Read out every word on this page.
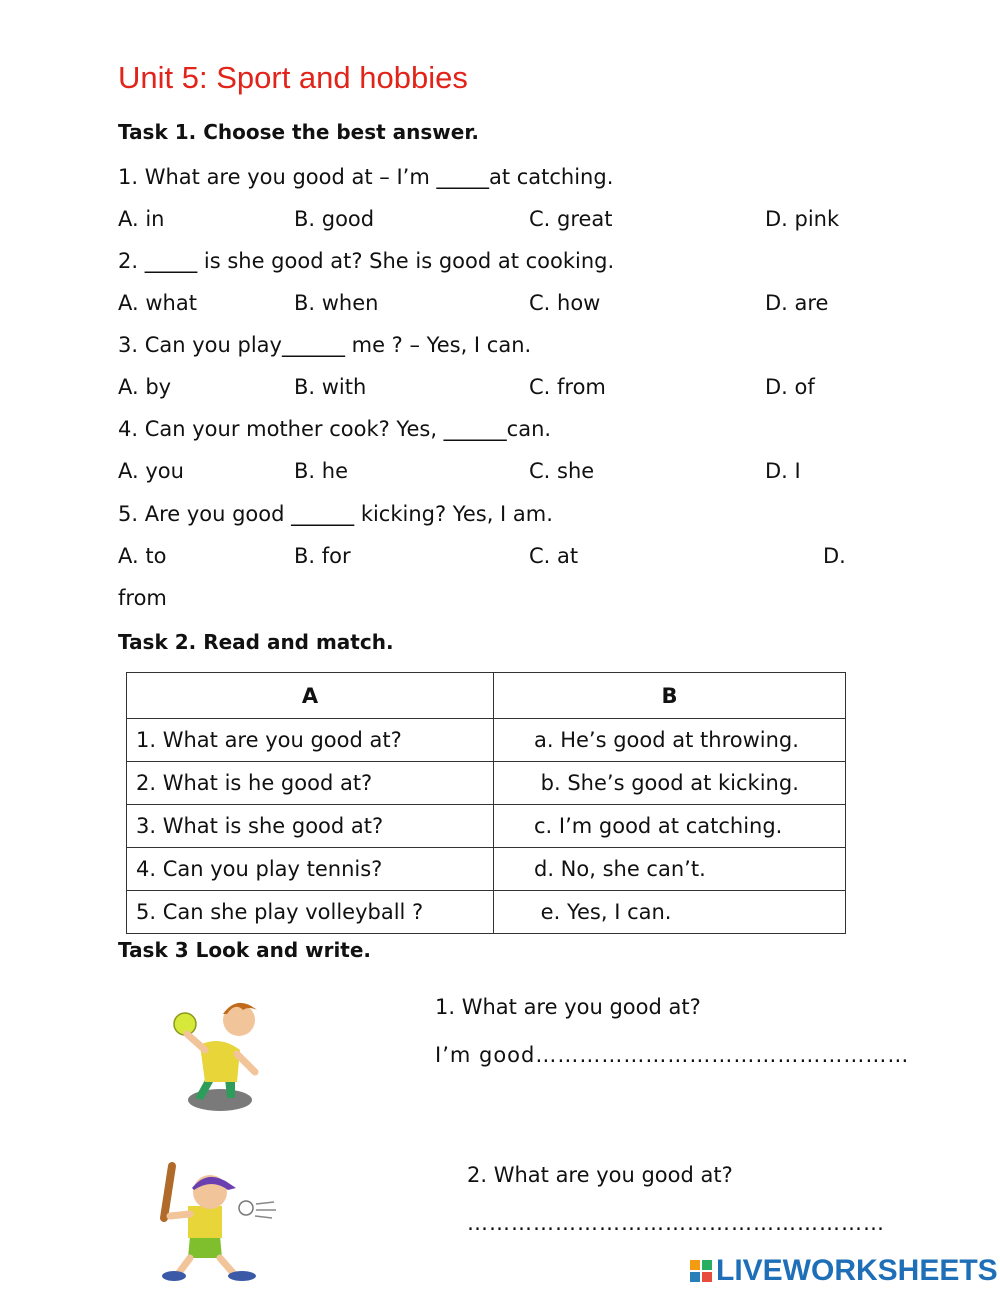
Unit 5: Sport and hobbies
Task 1. Choose the best answer.
1. What are you good at – I’m _____at catching.
A. in	B. good	C. great	D. pink
2. _____ is she good at? She is good at cooking.
A. what	B. when	C. how	D. are
3. Can you play______ me ? – Yes, I can.
A. by	B. with	C. from	D. of
4. Can your mother cook? Yes, ______can.
A. you	B. he	C. she	D. I
5. Are you good ______ kicking? Yes, I am.
A. to	B. for	C. at	D.
from
Task 2. Read and match.
A	B
1. What are you good at?	a. He’s good at throwing.
2. What is he good at?	b. She’s good at kicking.
3. What is she good at?	c. I’m good at catching.
4. Can you play tennis?	d. No, she can’t.
5. Can she play volleyball ?	e. Yes, I can.
Task 3 Look and write.
1. What are you good at?
I’m good……………………………………………
2. What are you good at?
…………………………………………………
LIVEWORKSHEETS
